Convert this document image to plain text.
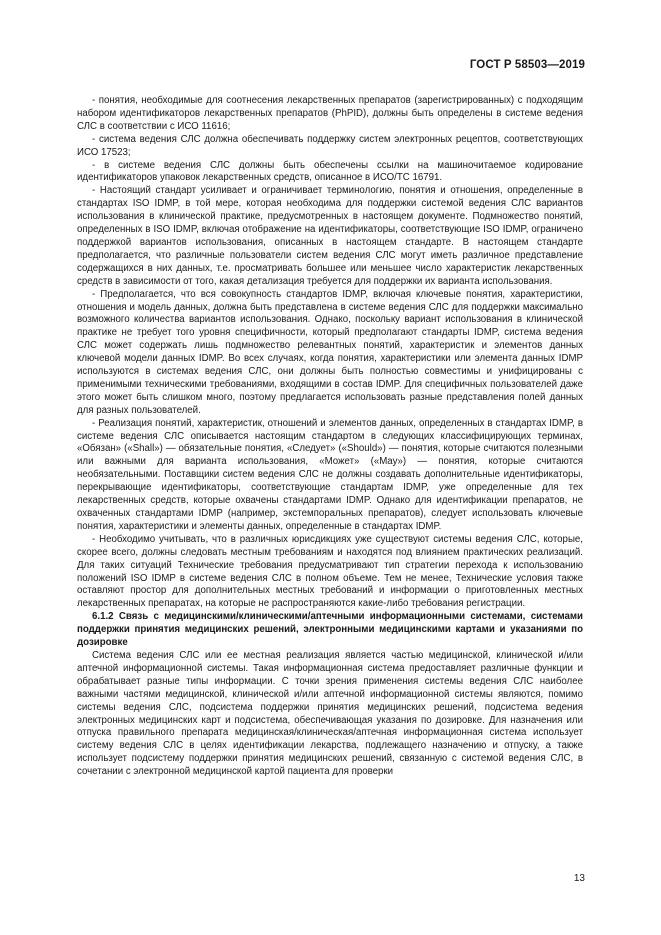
ГОСТ Р 58503—2019

- понятия, необходимые для соотнесения лекарственных препаратов (зарегистрированных) с подходящим набором идентификаторов лекарственных препаратов (PhPID), должны быть определены в системе ведения СЛС в соответствии с ИСО 11616;

- система ведения СЛС должна обеспечивать поддержку систем электронных рецептов, соответствующих ИСО 17523;

- в системе ведения СЛС должны быть обеспечены ссылки на машиночитаемое кодирование идентификаторов упаковок лекарственных средств, описанное в ИСО/ТС 16791.

- Настоящий стандарт усиливает и ограничивает терминологию, понятия и отношения, определенные в стандартах ISO IDMP, в той мере, которая необходима для поддержки системой ведения СЛС вариантов использования в клинической практике, предусмотренных в настоящем документе. Подмножество понятий, определенных в ISO IDMP, включая отображение на идентификаторы, соответствующие ISO IDMP, ограничено поддержкой вариантов использования, описанных в настоящем стандарте. В настоящем стандарте предполагается, что различные пользователи систем ведения СЛС могут иметь различное представление содержащихся в них данных, т.е. просматривать большее или меньшее число характеристик лекарственных средств в зависимости от того, какая детализация требуется для поддержки их варианта использования.

- Предполагается, что вся совокупность стандартов IDMP, включая ключевые понятия, характеристики, отношения и модель данных, должна быть представлена в системе ведения СЛС для поддержки максимально возможного количества вариантов использования. Однако, поскольку вариант использования в клинической практике не требует того уровня специфичности, который предполагают стандарты IDMP, система ведения СЛС может содержать лишь подмножество релевантных понятий, характеристик и элементов данных ключевой модели данных IDMP. Во всех случаях, когда понятия, характеристики или элемента данных IDMP используются в системах ведения СЛС, они должны быть полностью совместимы и унифицированы с применимыми техническими требованиями, входящими в состав IDMP. Для специфичных пользователей даже этого может быть слишком много, поэтому предлагается использовать разные представления полей данных для разных пользователей.

- Реализация понятий, характеристик, отношений и элементов данных, определенных в стандартах IDMP, в системе ведения СЛС описывается настоящим стандартом в следующих классифицирующих терминах, «Обязан» («Shall») — обязательные понятия, «Следует» («Should») — понятия, которые считаются полезными или важными для варианта использования, «Может» («May») — понятия, которые считаются необязательными. Поставщики систем ведения СЛС не должны создавать дополнительные идентификаторы, перекрывающие идентификаторы, соответствующие стандартам IDMP, уже определенные для тех лекарственных средств, которые охвачены стандартами IDMP. Однако для идентификации препаратов, не охваченных стандартами IDMP (например, экстемпоральных препаратов), следует использовать ключевые понятия, характеристики и элементы данных, определенные в стандартах IDMP.

- Необходимо учитывать, что в различных юрисдикциях уже существуют системы ведения СЛС, которые, скорее всего, должны следовать местным требованиям и находятся под влиянием практических реализаций. Для таких ситуаций Технические требования предусматривают тип стратегии перехода к использованию положений ISO IDMP в системе ведения СЛС в полном объеме. Тем не менее, Технические условия также оставляют простор для дополнительных местных требований и информации о приготовленных местных лекарственных препаратах, на которые не распространяются какие-либо требования регистрации.

6.1.2 Связь с медицинскими/клиническими/аптечными информационными системами, системами поддержки принятия медицинских решений, электронными медицинскими картами и указаниями по дозировке

Система ведения СЛС или ее местная реализация является частью медицинской, клинической и/или аптечной информационной системы. Такая информационная система предоставляет различные функции и обрабатывает разные типы информации. С точки зрения применения системы ведения СЛС наиболее важными частями медицинской, клинической и/или аптечной информационной системы являются, помимо системы ведения СЛС, подсистема поддержки принятия медицинских решений, подсистема ведения электронных медицинских карт и подсистема, обеспечивающая указания по дозировке. Для назначения или отпуска правильного препарата медицинская/клиническая/аптечная информационная система использует систему ведения СЛС в целях идентификации лекарства, подлежащего назначению и отпуску, а также использует подсистему поддержки принятия медицинских решений, связанную с системой ведения СЛС, в сочетании с электронной медицинской картой пациента для проверки

13
